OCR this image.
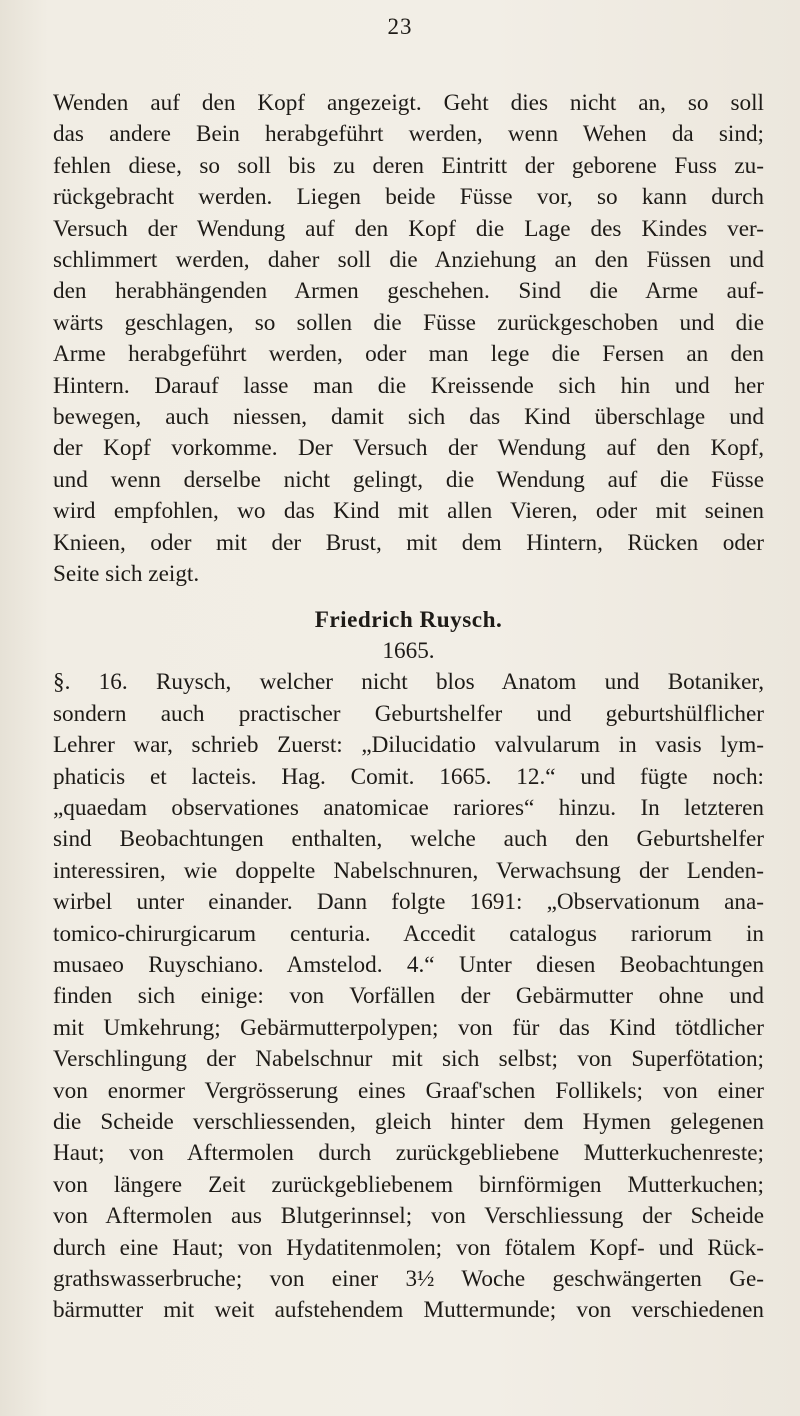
23
Wenden auf den Kopf angezeigt. Geht dies nicht an, so soll
das andere Bein herabgeführt werden, wenn Wehen da sind;
fehlen diese, so soll bis zu deren Eintritt der geborene Fuss zu-
rückgebracht werden. Liegen beide Füsse vor, so kann durch
Versuch der Wendung auf den Kopf die Lage des Kindes ver-
schlimmert werden, daher soll die Anziehung an den Füssen und
den herabhängenden Armen geschehen. Sind die Arme auf-
wärts geschlagen, so sollen die Füsse zurückgeschoben und die
Arme herabgeführt werden, oder man lege die Fersen an den
Hintern. Darauf lasse man die Kreissende sich hin und her
bewegen, auch niessen, damit sich das Kind überschlage und
der Kopf vorkomme. Der Versuch der Wendung auf den Kopf,
und wenn derselbe nicht gelingt, die Wendung auf die Füsse
wird empfohlen, wo das Kind mit allen Vieren, oder mit seinen
Knieen, oder mit der Brust, mit dem Hintern, Rücken oder
Seite sich zeigt.
Friedrich Ruysch.
1665.
§. 16. Ruysch, welcher nicht blos Anatom und Botaniker,
sondern auch practischer Geburtshelfer und geburtshülflicher
Lehrer war, schrieb Zuerst: „Dilucidatio valvularum in vasis lym-
phaticis et lacteis. Hag. Comit. 1665. 12.“ und fügte noch:
„quaedam observationes anatomicae rariores“ hinzu. In letzteren
sind Beobachtungen enthalten, welche auch den Geburtshelfer
interessiren, wie doppelte Nabelschnuren, Verwachsung der Lenden-
wirbel unter einander. Dann folgte 1691: „Observationum ana-
tomico-chirurgicarum centuria. Accedit catalogus rariorum in
musaeo Ruyschiano. Amstelod. 4.“ Unter diesen Beobachtungen
finden sich einige: von Vorfällen der Gebärmutter ohne und
mit Umkehrung; Gebärmutterpolypen; von für das Kind tötdlicher
Verschlingung der Nabelschnur mit sich selbst; von Superfötation;
von enormer Vergrösserung eines Graaf'schen Follikels; von einer
die Scheide verschliessenden, gleich hinter dem Hymen gelegenen
Haut; von Aftermolen durch zurückgebliebene Mutterkuchenreste;
von längere Zeit zurückgebliebenem birnförmigen Mutterkuchen;
von Aftermolen aus Blutgerinnsel; von Verschliessung der Scheide
durch eine Haut; von Hydatitenmolen; von fötalem Kopf- und Rück-
grathswasserbruche; von einer 3½ Woche geschwängerten Ge-
bärmutter mit weit aufstehendem Muttermunde; von verschiedenen
